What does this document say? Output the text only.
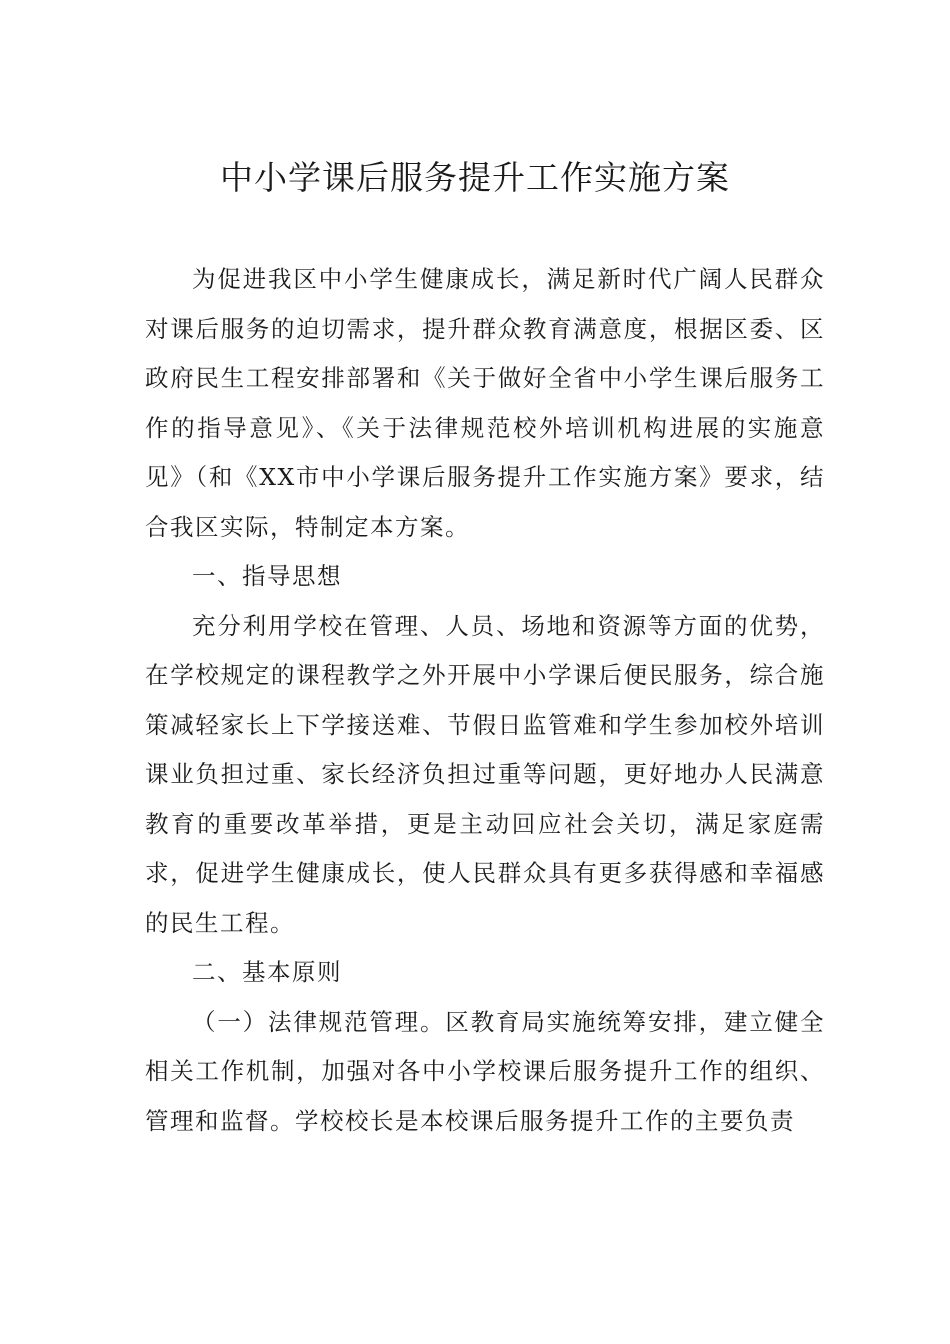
中小学课后服务提升工作实施方案

为促进我区中小学生健康成长，满足新时代广阔人民群众对课后服务的迫切需求，提升群众教育满意度，根据区委、区政府民生工程安排部署和《关于做好全省中小学生课后服务工作的指导意见》、《关于法律规范校外培训机构进展的实施意见》（和《XX市中小学课后服务提升工作实施方案》要求，结合我区实际，特制定本方案。

一、指导思想

充分利用学校在管理、人员、场地和资源等方面的优势，在学校规定的课程教学之外开展中小学课后便民服务，综合施策减轻家长上下学接送难、节假日监管难和学生参加校外培训课业负担过重、家长经济负担过重等问题，更好地办人民满意教育的重要改革举措，更是主动回应社会关切，满足家庭需求，促进学生健康成长，使人民群众具有更多获得感和幸福感的民生工程。

二、基本原则

（一）法律规范管理。区教育局实施统筹安排，建立健全相关工作机制，加强对各中小学校课后服务提升工作的组织、管理和监督。学校校长是本校课后服务提升工作的主要负责
